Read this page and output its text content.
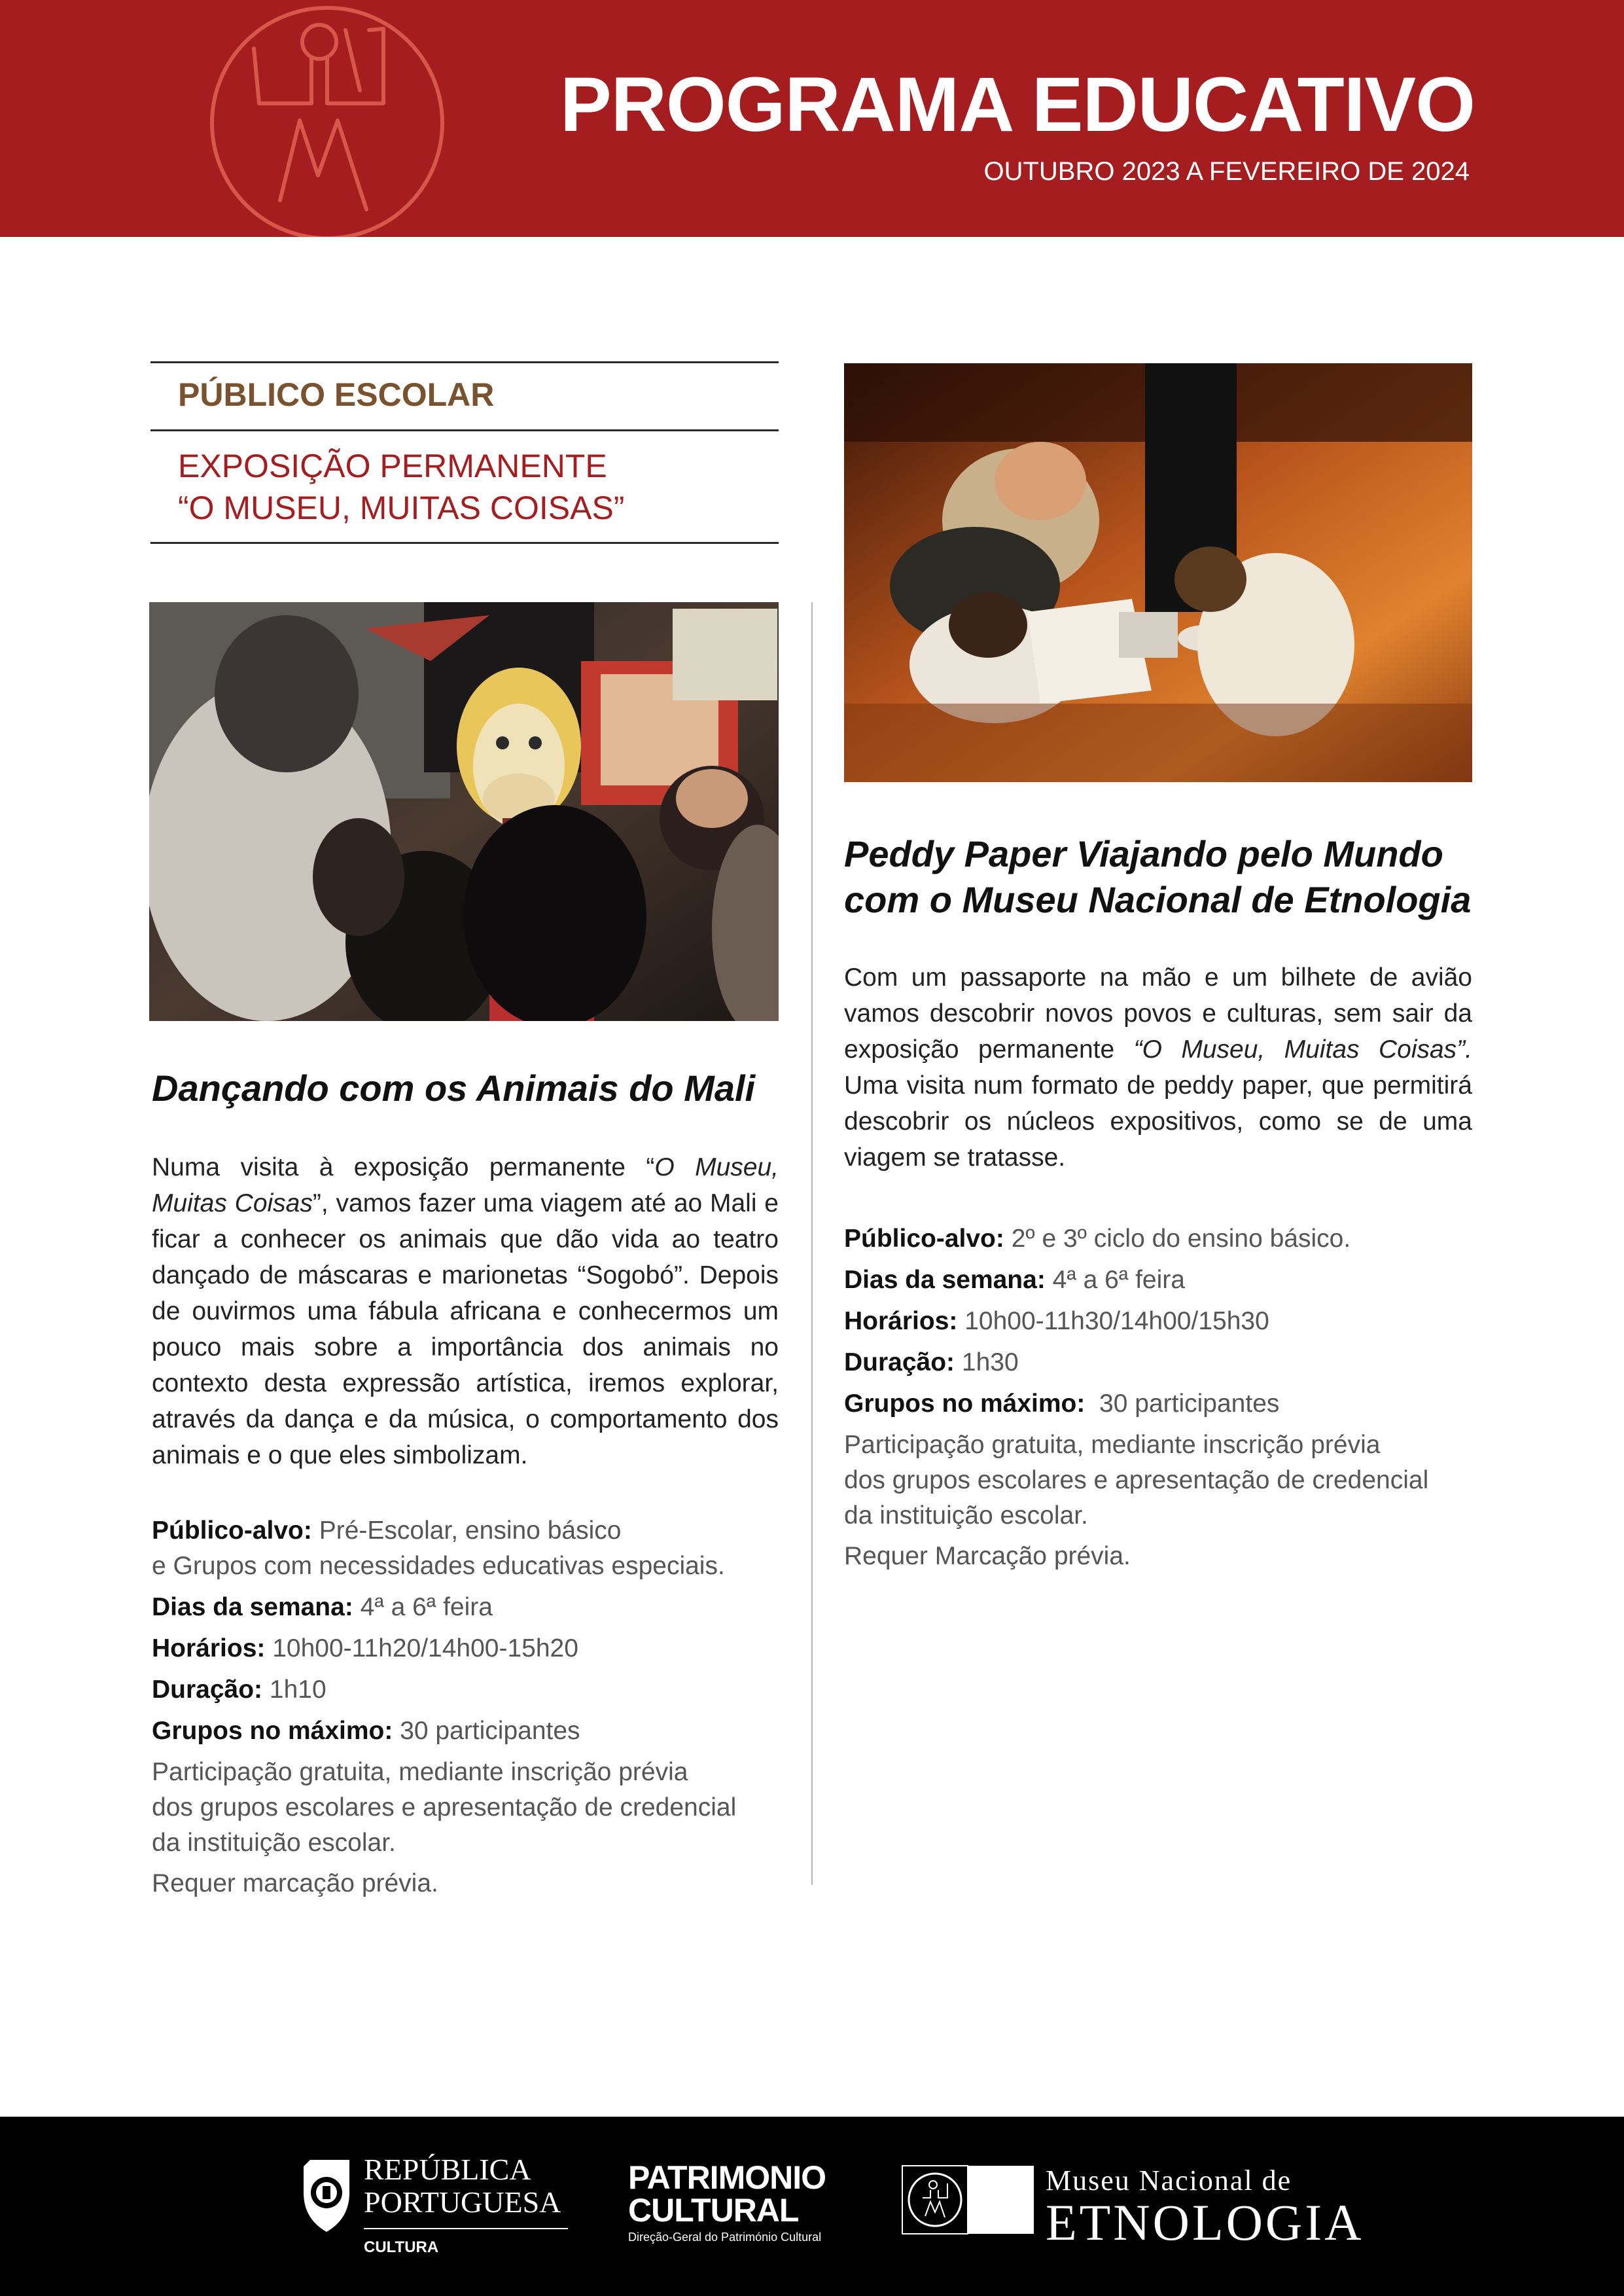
PROGRAMA EDUCATIVO
OUTUBRO 2023 A FEVEREIRO DE 2024
PÚBLICO ESCOLAR
EXPOSIÇÃO PERMANENTE
“O MUSEU, MUITAS COISAS”
Dançando com os Animais do Mali
Numa visita à exposição permanente “O Museu, Muitas Coisas”, vamos fazer uma viagem até ao Mali e ficar a conhecer os animais que dão vida ao teatro dançado de máscaras e marionetas “Sogobó”. Depois de ouvirmos uma fábula africana e conhecermos um pouco mais sobre a importância dos animais no contexto desta expressão artística, iremos explorar, através da dança e da música, o comportamento dos animais e o que eles simbolizam.
Público-alvo: Pré-Escolar, ensino básico
e Grupos com necessidades educativas especiais.
Dias da semana: 4ª a 6ª feira
Horários: 10h00-11h20/14h00-15h20
Duração: 1h10
Grupos no máximo: 30 participantes
Participação gratuita, mediante inscrição prévia
dos grupos escolares e apresentação de credencial
da instituição escolar.
Requer marcação prévia.
Peddy Paper Viajando pelo Mundo
com o Museu Nacional de Etnologia
Com um passaporte na mão e um bilhete de avião vamos descobrir novos povos e culturas, sem sair da exposição permanente “O Museu, Muitas Coisas”. Uma visita num formato de peddy paper, que permitirá descobrir os núcleos expositivos, como se de uma viagem se tratasse.
Público-alvo: 2º e 3º ciclo do ensino básico.
Dias da semana: 4ª a 6ª feira
Horários: 10h00-11h30/14h00/15h30
Duração: 1h30
Grupos no máximo:  30 participantes
Participação gratuita, mediante inscrição prévia
dos grupos escolares e apresentação de credencial
da instituição escolar.
Requer Marcação prévia.
REPÚBLICA
PORTUGUESA
CULTURA
PATRIMONIO
CULTURAL
Direção-Geral do Património Cultural
Museu Nacional de
ETNOLOGIA
